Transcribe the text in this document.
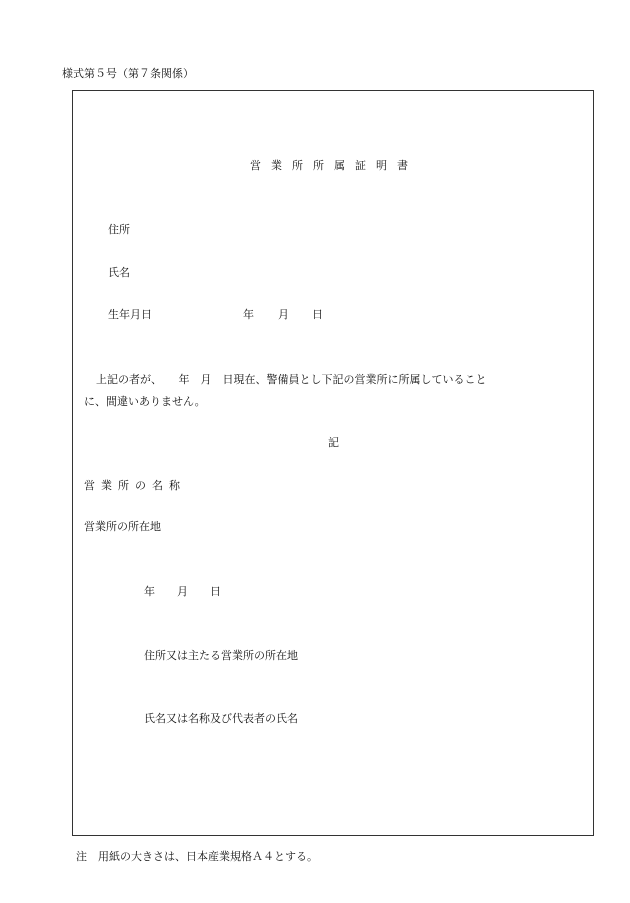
様式第５号（第７条関係）
営業所所属証明書
住所
氏名
生年月日	年 月 日
上記の者が、　　年　月　日現在、警備員とし下記の営業所に所属していること
に、間違いありません。
記
営業所の名称
営業所の所在地
年 月 日
住所又は主たる営業所の所在地
氏名又は名称及び代表者の氏名
注　用紙の大きさは、日本産業規格Ａ４とする。
